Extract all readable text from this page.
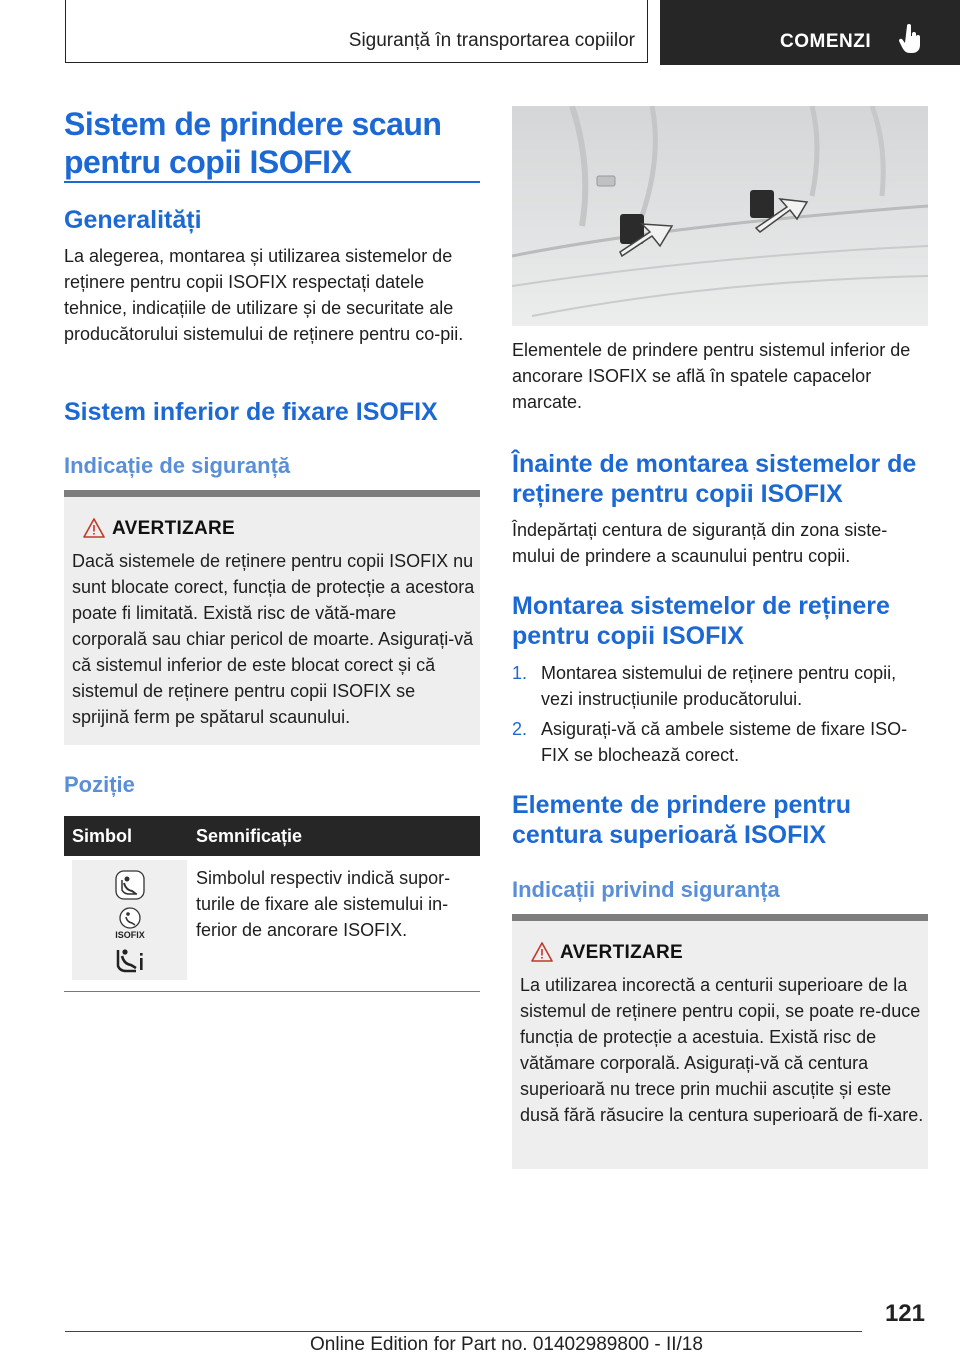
Siguranță în transportarea copiilor	COMENZI
Sistem de prindere scaun pentru copii ISOFIX
Generalități
La alegerea, montarea și utilizarea sistemelor de reținere pentru copii ISOFIX respectați datele tehnice, indicațiile de utilizare și de securitate ale producătorului sistemului de reținere pentru co-pii.
Sistem inferior de fixare ISOFIX
Indicație de siguranță
AVERTIZARE
Dacă sistemele de reținere pentru copii ISOFIX nu sunt blocate corect, funcția de protecție a acestora poate fi limitată. Există risc de vătă-mare corporală sau chiar pericol de moarte. Asigurați-vă că sistemul inferior de este blocat corect și că sistemul de reținere pentru copii ISOFIX se sprijină ferm pe spătarul scaunului.
Poziție
Simbol	Semnificație
ISOFIX
Simbolul respectiv indică supor-turile de fixare ale sistemului in-ferior de ancorare ISOFIX.
Elementele de prindere pentru sistemul inferior de ancorare ISOFIX se află în spatele capacelor marcate.
Înainte de montarea sistemelor de reținere pentru copii ISOFIX
Îndepărtați centura de siguranță din zona siste-mului de prindere a scaunului pentru copii.
Montarea sistemelor de reținere pentru copii ISOFIX
1. Montarea sistemului de reținere pentru copii, vezi instrucțiunile producătorului.
2. Asigurați-vă că ambele sisteme de fixare ISO-FIX se blochează corect.
Elemente de prindere pentru centura superioară ISOFIX
Indicații privind siguranța
AVERTIZARE
La utilizarea incorectă a centurii superioare de la sistemul de reținere pentru copii, se poate re-duce funcția de protecție a acestuia. Există risc de vătămare corporală. Asigurați-vă că centura superioară nu trece prin muchii ascuțite și este dusă fără răsucire la centura superioară de fi-xare.
121
Online Edition for Part no. 01402989800 - II/18
